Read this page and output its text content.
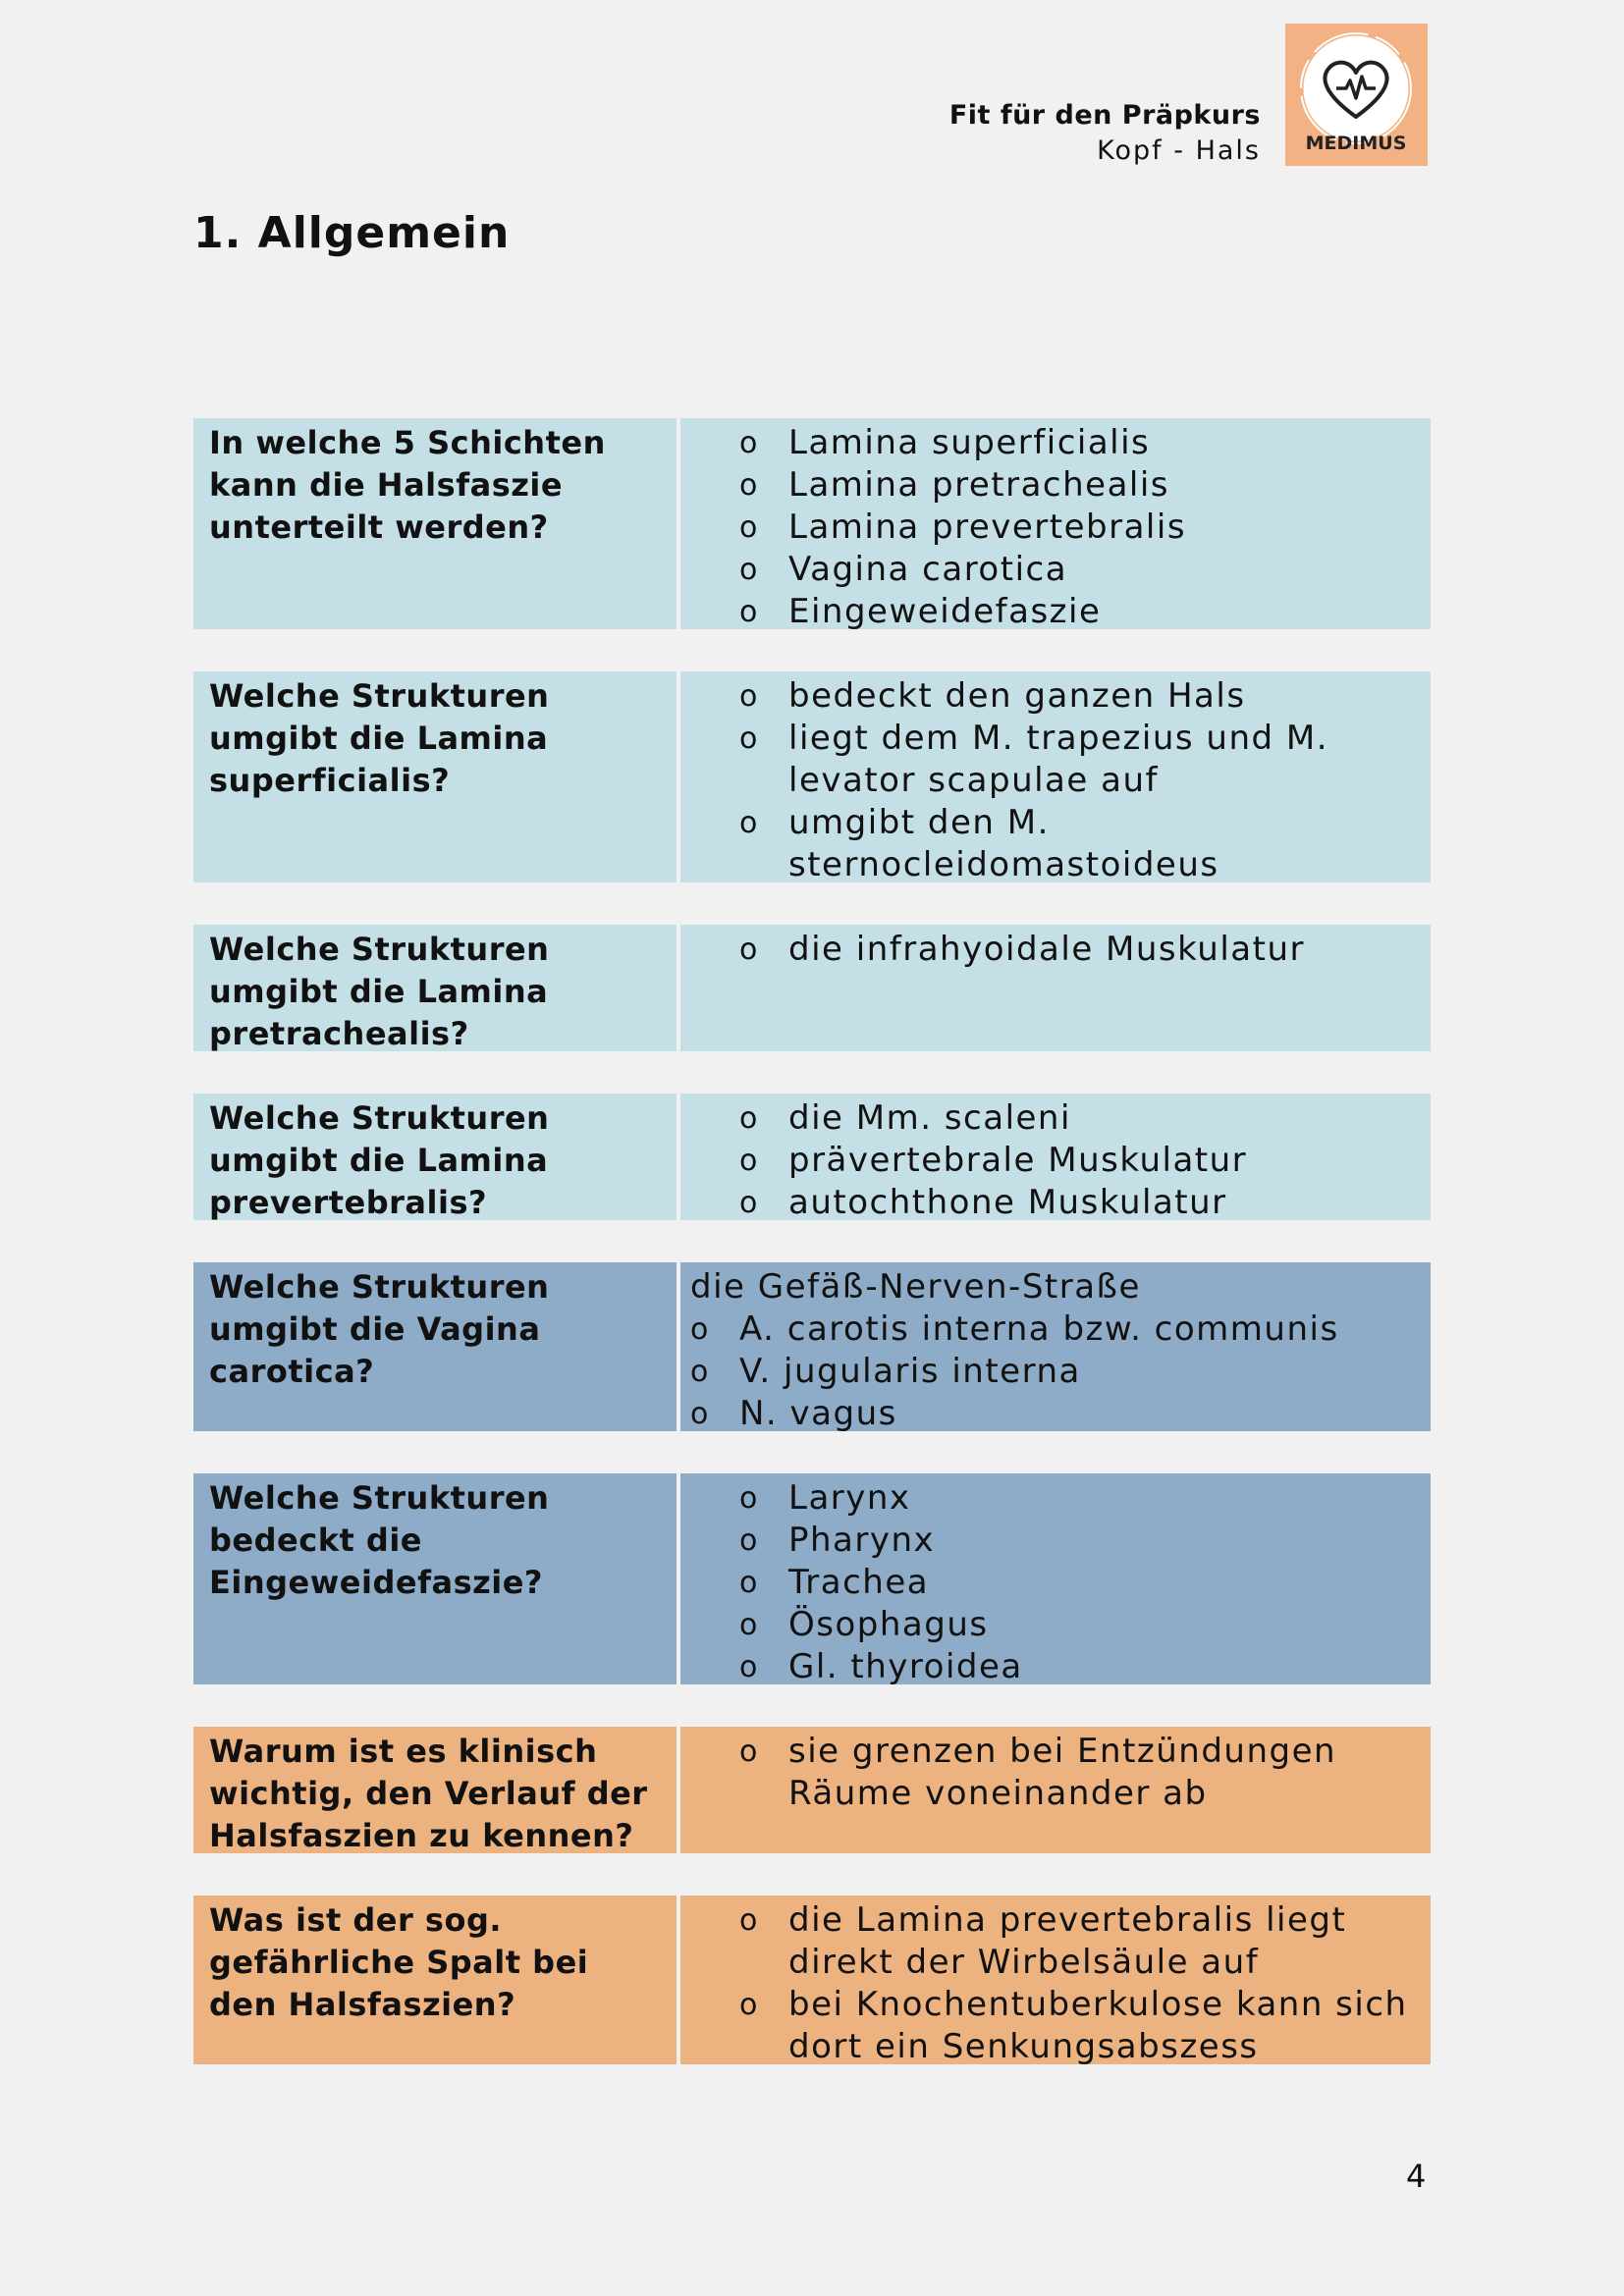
Fit für den Präpkurs
Kopf - Hals MEDIMUS
1. Allgemein
In welche 5 Schichten kann die Halsfaszie unterteilt werden?
o Lamina superficialis
o Lamina pretrachealis
o Lamina prevertebralis
o Vagina carotica
o Eingeweidefaszie
Welche Strukturen umgibt die Lamina superficialis?
o bedeckt den ganzen Hals
o liegt dem M. trapezius und M. levator scapulae auf
o umgibt den M. sternocleidomastoideus
Welche Strukturen umgibt die Lamina pretrachealis?
o die infrahyoidale Muskulatur
Welche Strukturen umgibt die Lamina prevertebralis?
o die Mm. scaleni
o prävertebrale Muskulatur
o autochthone Muskulatur
Welche Strukturen umgibt die Vagina carotica?
die Gefäß-Nerven-Straße
o A. carotis interna bzw. communis
o V. jugularis interna
o N. vagus
Welche Strukturen bedeckt die Eingeweidefaszie?
o Larynx
o Pharynx
o Trachea
o Ösophagus
o Gl. thyroidea
Warum ist es klinisch wichtig, den Verlauf der Halsfaszien zu kennen?
o sie grenzen bei Entzündungen Räume voneinander ab
Was ist der sog. gefährliche Spalt bei den Halsfaszien?
o die Lamina prevertebralis liegt direkt der Wirbelsäule auf
o bei Knochentuberkulose kann sich dort ein Senkungsabszess
4
